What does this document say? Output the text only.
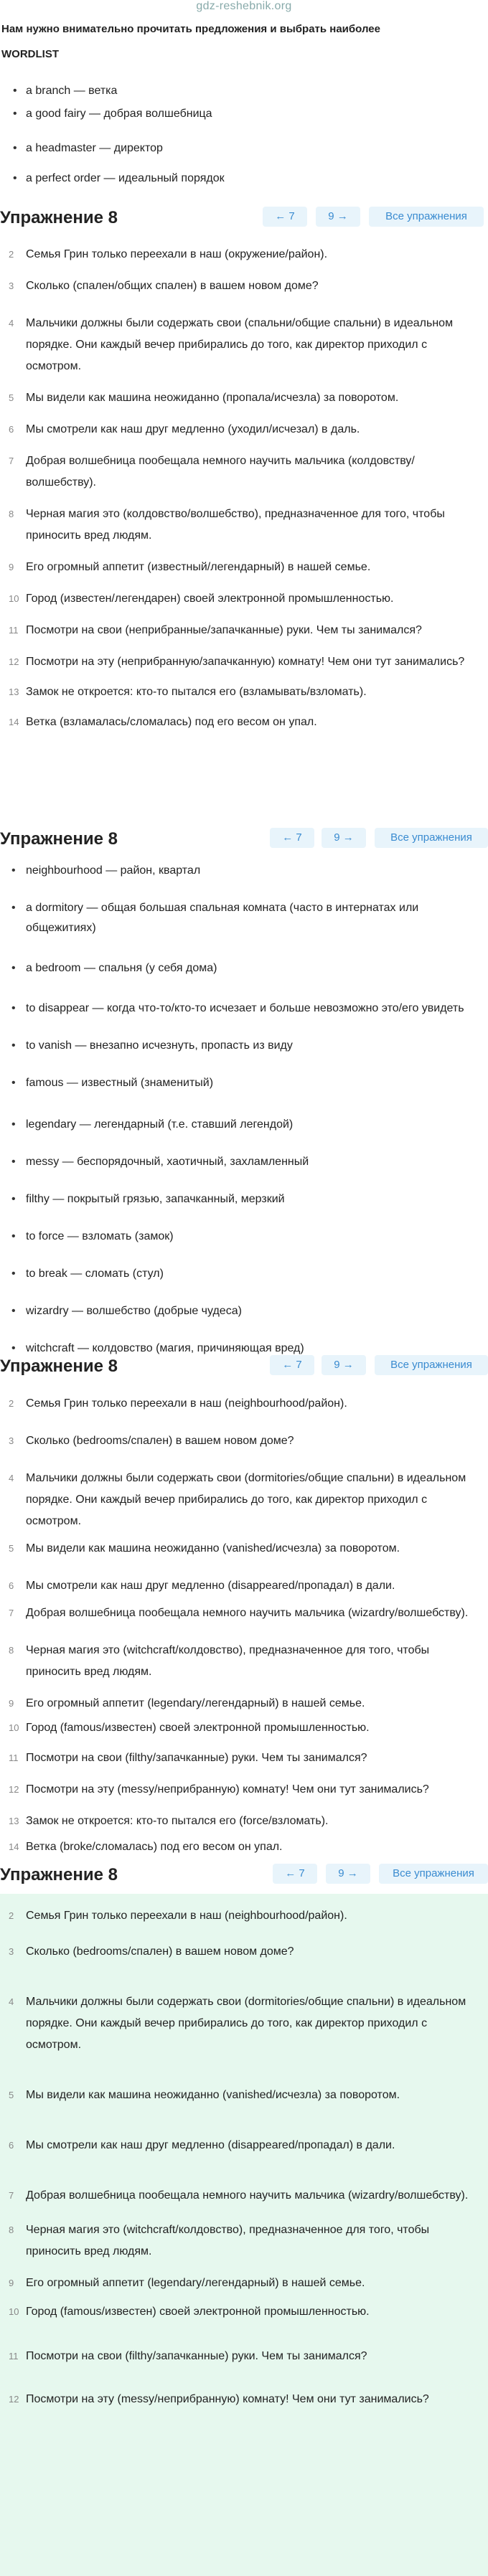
gdz-reshebnik.org

Нам нужно внимательно прочитать предложения и выбрать наиболее

WORDLIST

• a branch — ветка
• a good fairy — добрая волшебница
• a headmaster — директор
• a perfect order — идеальный порядок
Упражнение 8	← 7	9 →	Все упражнения
2 Семья Грин только переехали в наш (окружение/район).
3 Сколько (спален/общих спален) в вашем новом доме?
4 Мальчики должны были содержать свои (спальни/общие спальни) в идеальном порядке. Они каждый вечер прибирались до того, как директор приходил с осмотром.
5 Мы видели как машина неожиданно (пропала/исчезла) за поворотом.
6 Мы смотрели как наш друг медленно (уходил/исчезал) в даль.
7 Добрая волшебница пообещала немного научить мальчика (колдовству/волшебству).
8 Черная магия это (колдовство/волшебство), предназначенное для того, чтобы приносить вред людям.
9 Его огромный аппетит (известный/легендарный) в нашей семье.
10 Город (известен/легендарен) своей электронной промышленностью.
11 Посмотри на свои (неприбранные/запачканные) руки. Чем ты занимался?
12 Посмотри на эту (неприбранную/запачканную) комнату! Чем они тут занимались?
13 Замок не откроется: кто-то пытался его (взламывать/взломать).
14 Ветка (взламалась/сломалась) под его весом он упал.
Упражнение 8	← 7	9 →	Все упражнения
• neighbourhood — район, квартал
• a dormitory — общая большая спальная комната (часто в интернатах или общежитиях)
• a bedroom — спальня (у себя дома)
• to disappear — когда что-то/кто-то исчезает и больше невозможно это/его увидеть
• to vanish — внезапно исчезнуть, пропасть из виду
• famous — известный (знаменитый)
• legendary — легендарный (т.е. ставший легендой)
• messy — беспорядочный, хаотичный, захламленный
• filthy — покрытый грязью, запачканный, мерзкий
• to force — взломать (замок)
• to break — сломать (стул)
• wizardry — волшебство (добрые чудеса)
• witchcraft — колдовство (магия, причиняющая вред)
Упражнение 8	← 7	9 →	Все упражнения
2 Семья Грин только переехали в наш (neighbourhood/район).
3 Сколько (bedrooms/спален) в вашем новом доме?
4 Мальчики должны были содержать свои (dormitories/общие спальни) в идеальном порядке. Они каждый вечер прибирались до того, как директор приходил с осмотром.
5 Мы видели как машина неожиданно (vanished/исчезла) за поворотом.
6 Мы смотрели как наш друг медленно (disappeared/пропадал) в дали.
7 Добрая волшебница пообещала немного научить мальчика (wizardry/волшебству).
8 Черная магия это (witchcraft/колдовство), предназначенное для того, чтобы приносить вред людям.
9 Его огромный аппетит (legendary/легендарный) в нашей семье.
10 Город (famous/известен) своей электронной промышленностью.
11 Посмотри на свои (filthy/запачканные) руки. Чем ты занимался?
12 Посмотри на эту (messy/неприбранную) комнату! Чем они тут занимались?
13 Замок не откроется: кто-то пытался его (force/взломать).
14 Ветка (broke/сломалась) под его весом он упал.
Упражнение 8	← 7	9 →	Все упражнения
2 Семья Грин только переехали в наш (neighbourhood/район).
3 Сколько (bedrooms/спален) в вашем новом доме?
4 Мальчики должны были содержать свои (dormitories/общие спальни) в идеальном порядке. Они каждый вечер прибирались до того, как директор приходил с осмотром.
5 Мы видели как машина неожиданно (vanished/исчезла) за поворотом.
6 Мы смотрели как наш друг медленно (disappeared/пропадал) в дали.
7 Добрая волшебница пообещала немного научить мальчика (wizardry/волшебству).
8 Черная магия это (witchcraft/колдовство), предназначенное для того, чтобы приносить вред людям.
9 Его огромный аппетит (legendary/легендарный) в нашей семье.
10 Город (famous/известен) своей электронной промышленностью.
11 Посмотри на свои (filthy/запачканные) руки. Чем ты занимался?
12 Посмотри на эту (messy/неприбранную) комнату! Чем они тут занимались?
